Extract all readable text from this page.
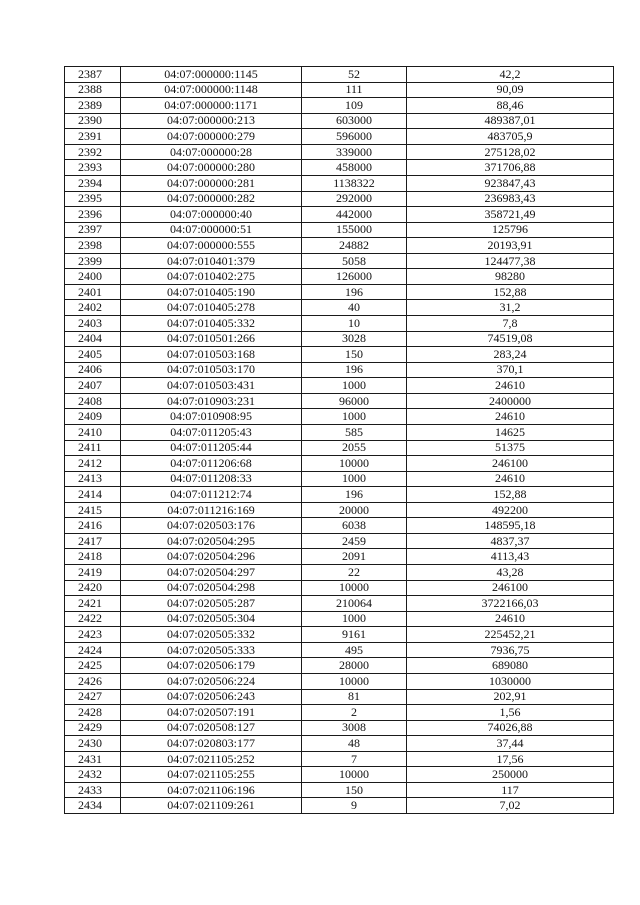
2387	04:07:000000:1145	52	42,2
2388	04:07:000000:1148	111	90,09
2389	04:07:000000:1171	109	88,46
2390	04:07:000000:213	603000	489387,01
2391	04:07:000000:279	596000	483705,9
2392	04:07:000000:28	339000	275128,02
2393	04:07:000000:280	458000	371706,88
2394	04:07:000000:281	1138322	923847,43
2395	04:07:000000:282	292000	236983,43
2396	04:07:000000:40	442000	358721,49
2397	04:07:000000:51	155000	125796
2398	04:07:000000:555	24882	20193,91
2399	04:07:010401:379	5058	124477,38
2400	04:07:010402:275	126000	98280
2401	04:07:010405:190	196	152,88
2402	04:07:010405:278	40	31,2
2403	04:07:010405:332	10	7,8
2404	04:07:010501:266	3028	74519,08
2405	04:07:010503:168	150	283,24
2406	04:07:010503:170	196	370,1
2407	04:07:010503:431	1000	24610
2408	04:07:010903:231	96000	2400000
2409	04:07:010908:95	1000	24610
2410	04:07:011205:43	585	14625
2411	04:07:011205:44	2055	51375
2412	04:07:011206:68	10000	246100
2413	04:07:011208:33	1000	24610
2414	04:07:011212:74	196	152,88
2415	04:07:011216:169	20000	492200
2416	04:07:020503:176	6038	148595,18
2417	04:07:020504:295	2459	4837,37
2418	04:07:020504:296	2091	4113,43
2419	04:07:020504:297	22	43,28
2420	04:07:020504:298	10000	246100
2421	04:07:020505:287	210064	3722166,03
2422	04:07:020505:304	1000	24610
2423	04:07:020505:332	9161	225452,21
2424	04:07:020505:333	495	7936,75
2425	04:07:020506:179	28000	689080
2426	04:07:020506:224	10000	1030000
2427	04:07:020506:243	81	202,91
2428	04:07:020507:191	2	1,56
2429	04:07:020508:127	3008	74026,88
2430	04:07:020803:177	48	37,44
2431	04:07:021105:252	7	17,56
2432	04:07:021105:255	10000	250000
2433	04:07:021106:196	150	117
2434	04:07:021109:261	9	7,02
